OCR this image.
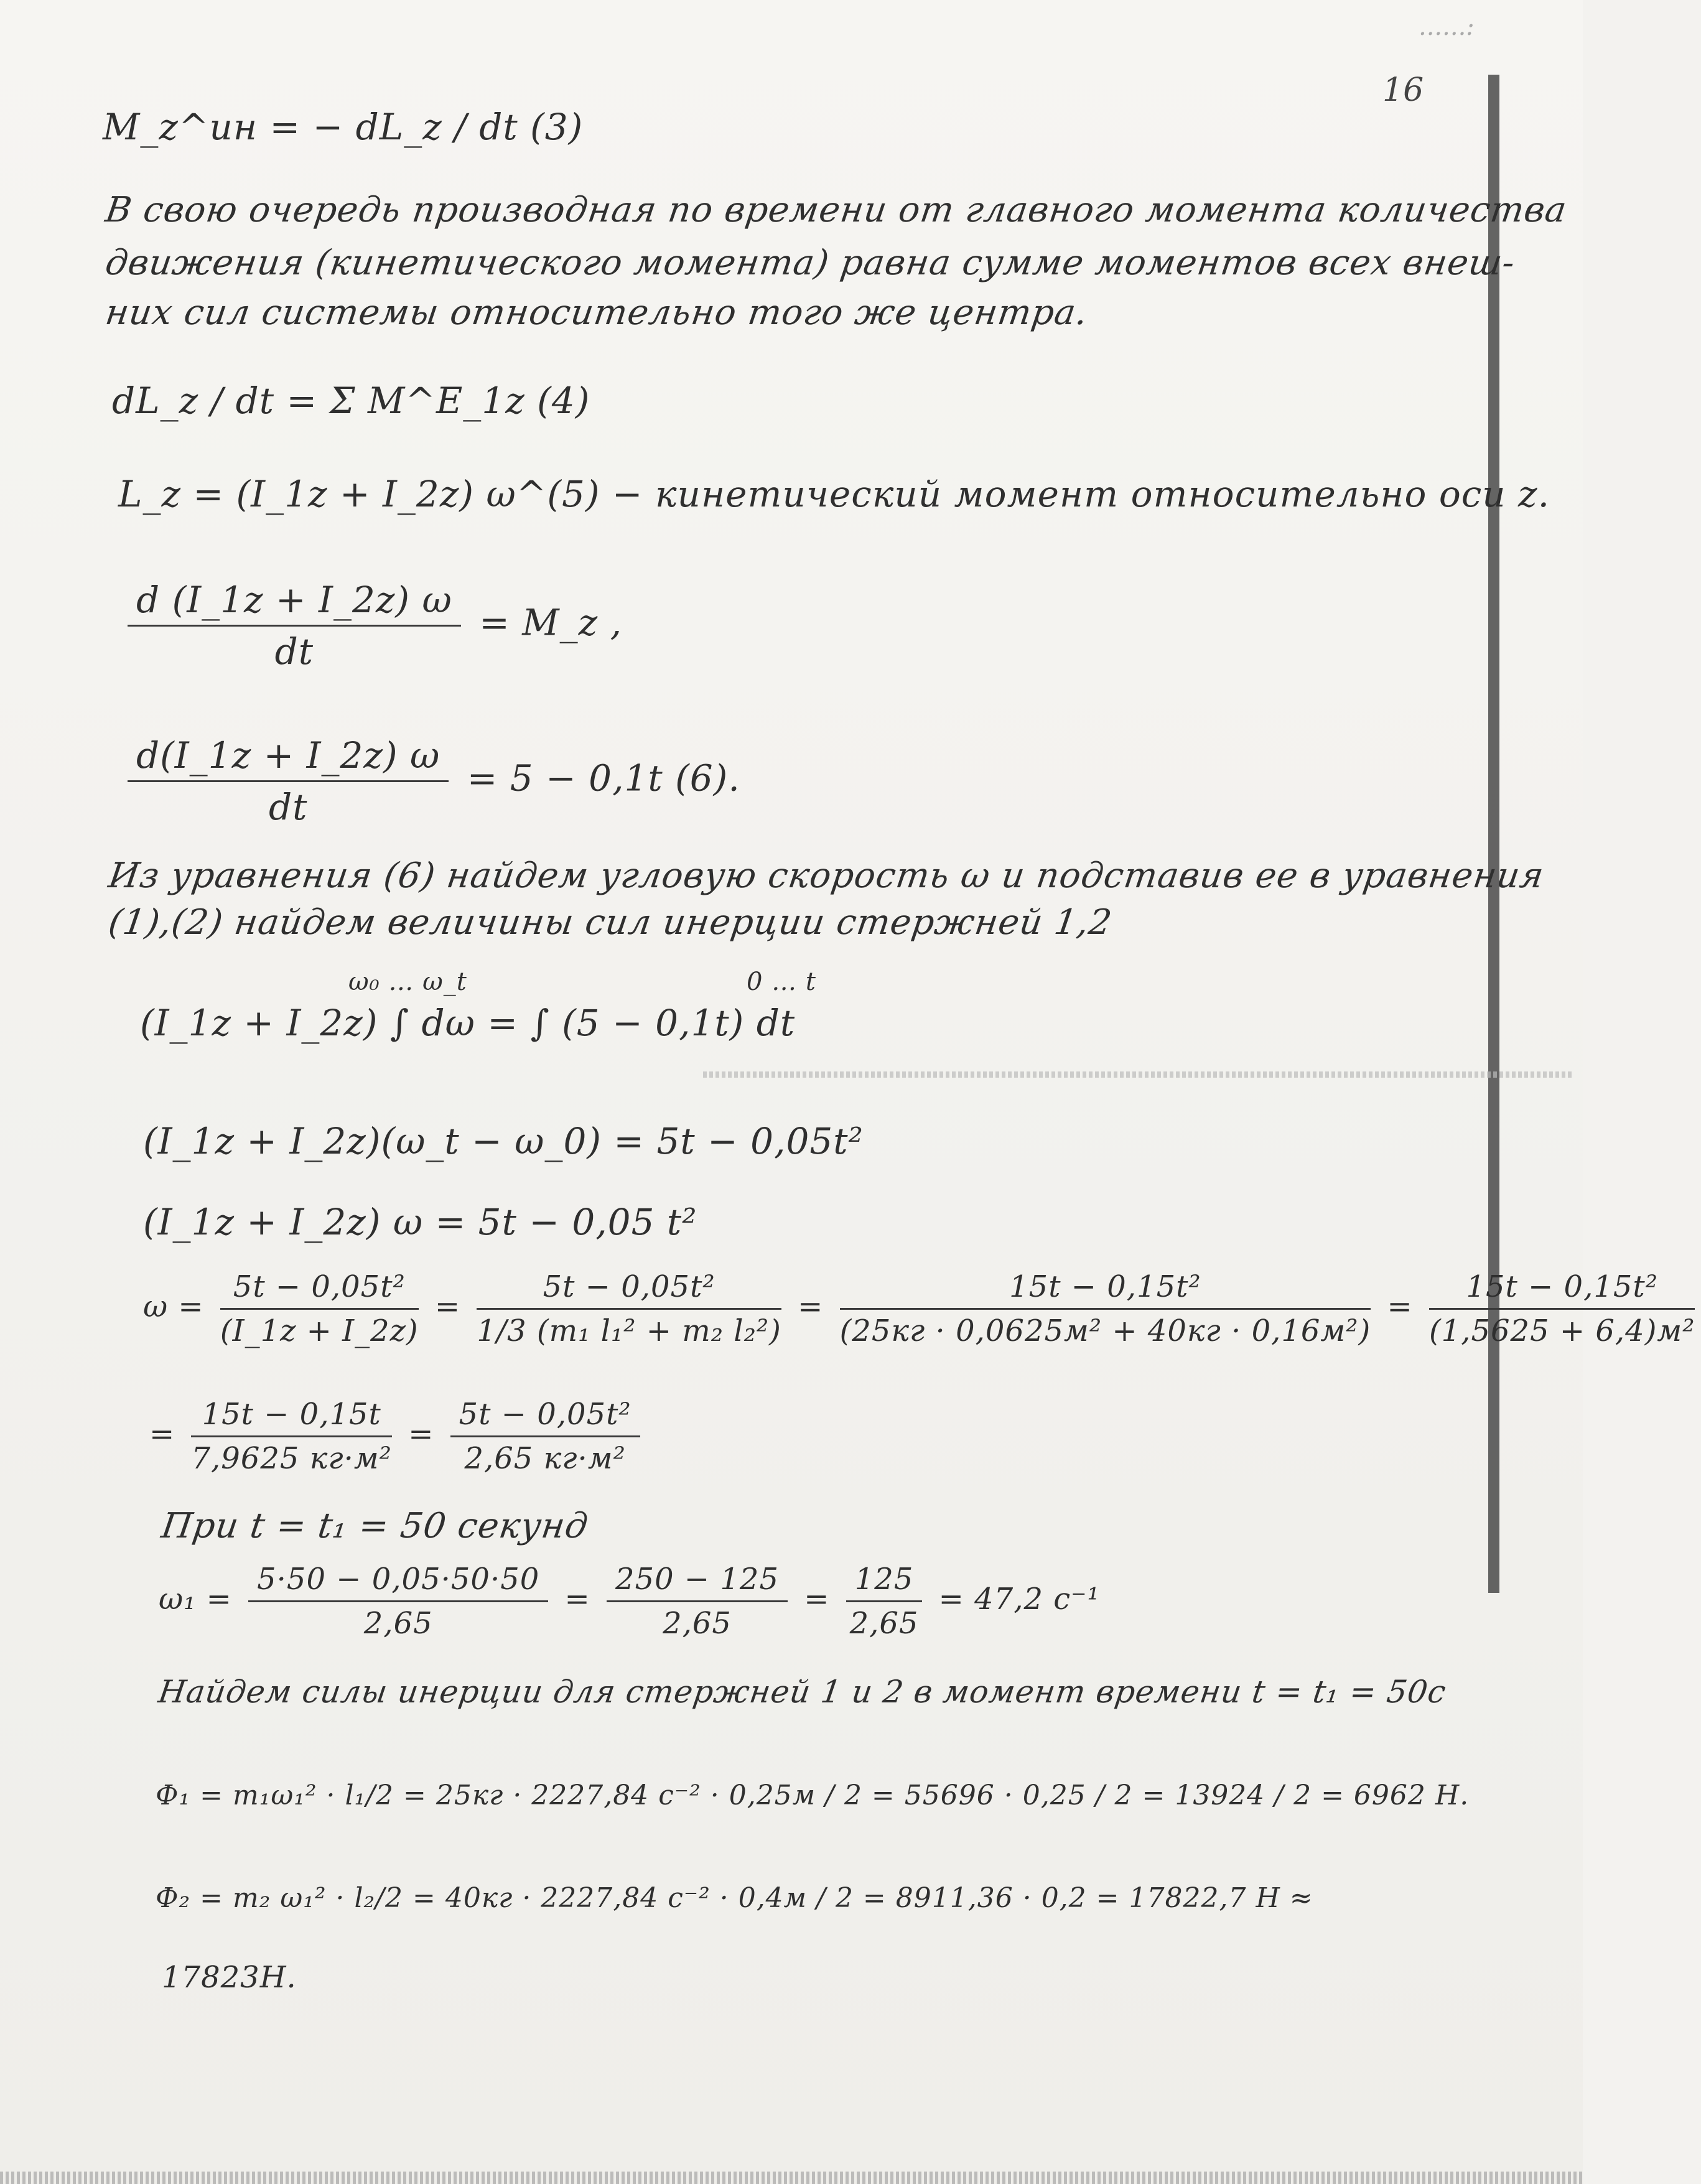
......:
16
M_z^ин = − dL_z / dt (3)
В свою очередь производная по времени от главного момента количества
движения (кинетического момента) равна сумме моментов всех внеш-
них сил системы относительно того же центра.
dL_z / dt = Σ M^E_1z (4)
L_z = (I_1z + I_2z) ω^(5) − кинетический момент относительно оси z.
$\frac{d (I\_1z + I\_2z) \omega}{dt}$ = M_z ,
$\frac{d(I\_1z + I\_2z) \omega}{dt} = 5 - 0,1t$ (6).
Из уравнения (6) найдем угловую скорость ω и подставив ее в уравнения
(1),(2) найдем величины сил инерции стержней 1,2
ω₀ … ω_t	0 … t
(I_1z + I_2z) ∫ dω = ∫ (5 − 0,1t) dt
(I_1z + I_2z)(ω_t − ω_0) = 5t − 0,05t²
(I_1z + I_2z) ω = 5t − 0,05 t²
$\omega = \frac{\text{5t − 0,05t²}}{(I\_1z + I\_2z)} = \frac{\text{5t − 0,05t²}}{\text{1/3 (m₁ l₁² + m₂ l₂²)}} = \frac{\text{15t − 0,15t²}}{\text{(25кг · 0,0625м² + 40кг · 0,16м²)}} = \frac{\text{15t − 0,15t²}}{\text{(1,5625 + 6,4)м²}}$
= $\frac{15t - 0,15t}{\text{7,9625 кг·м²}} = \frac{\text{5t − 0,05t²}}{\text{2,65 кг·м²}}$
При t = t₁ = 50 секунд
$\omega_1 = \frac{5\cdot 50 - 0,05\cdot 50\cdot 50}{2,65} = \frac{250 - 125}{2,65} = \frac{125}{2,65} = 47,2$ c⁻¹
Найдем силы инерции для стержней 1 и 2 в момент времени t = t₁ = 50с
Ф₁ = m₁ω₁² · l₁/2 = 25кг · 2227,84 с⁻² · 0,25м / 2 = 55696 · 0,25 / 2 = 13924 / 2 = 6962 Н.
Ф₂ = m₂ ω₁² · l₂/2 = 40кг · 2227,84 с⁻² · 0,4м / 2 = 8911,36 · 0,2 = 17822,7 Н ≈
17823Н.
